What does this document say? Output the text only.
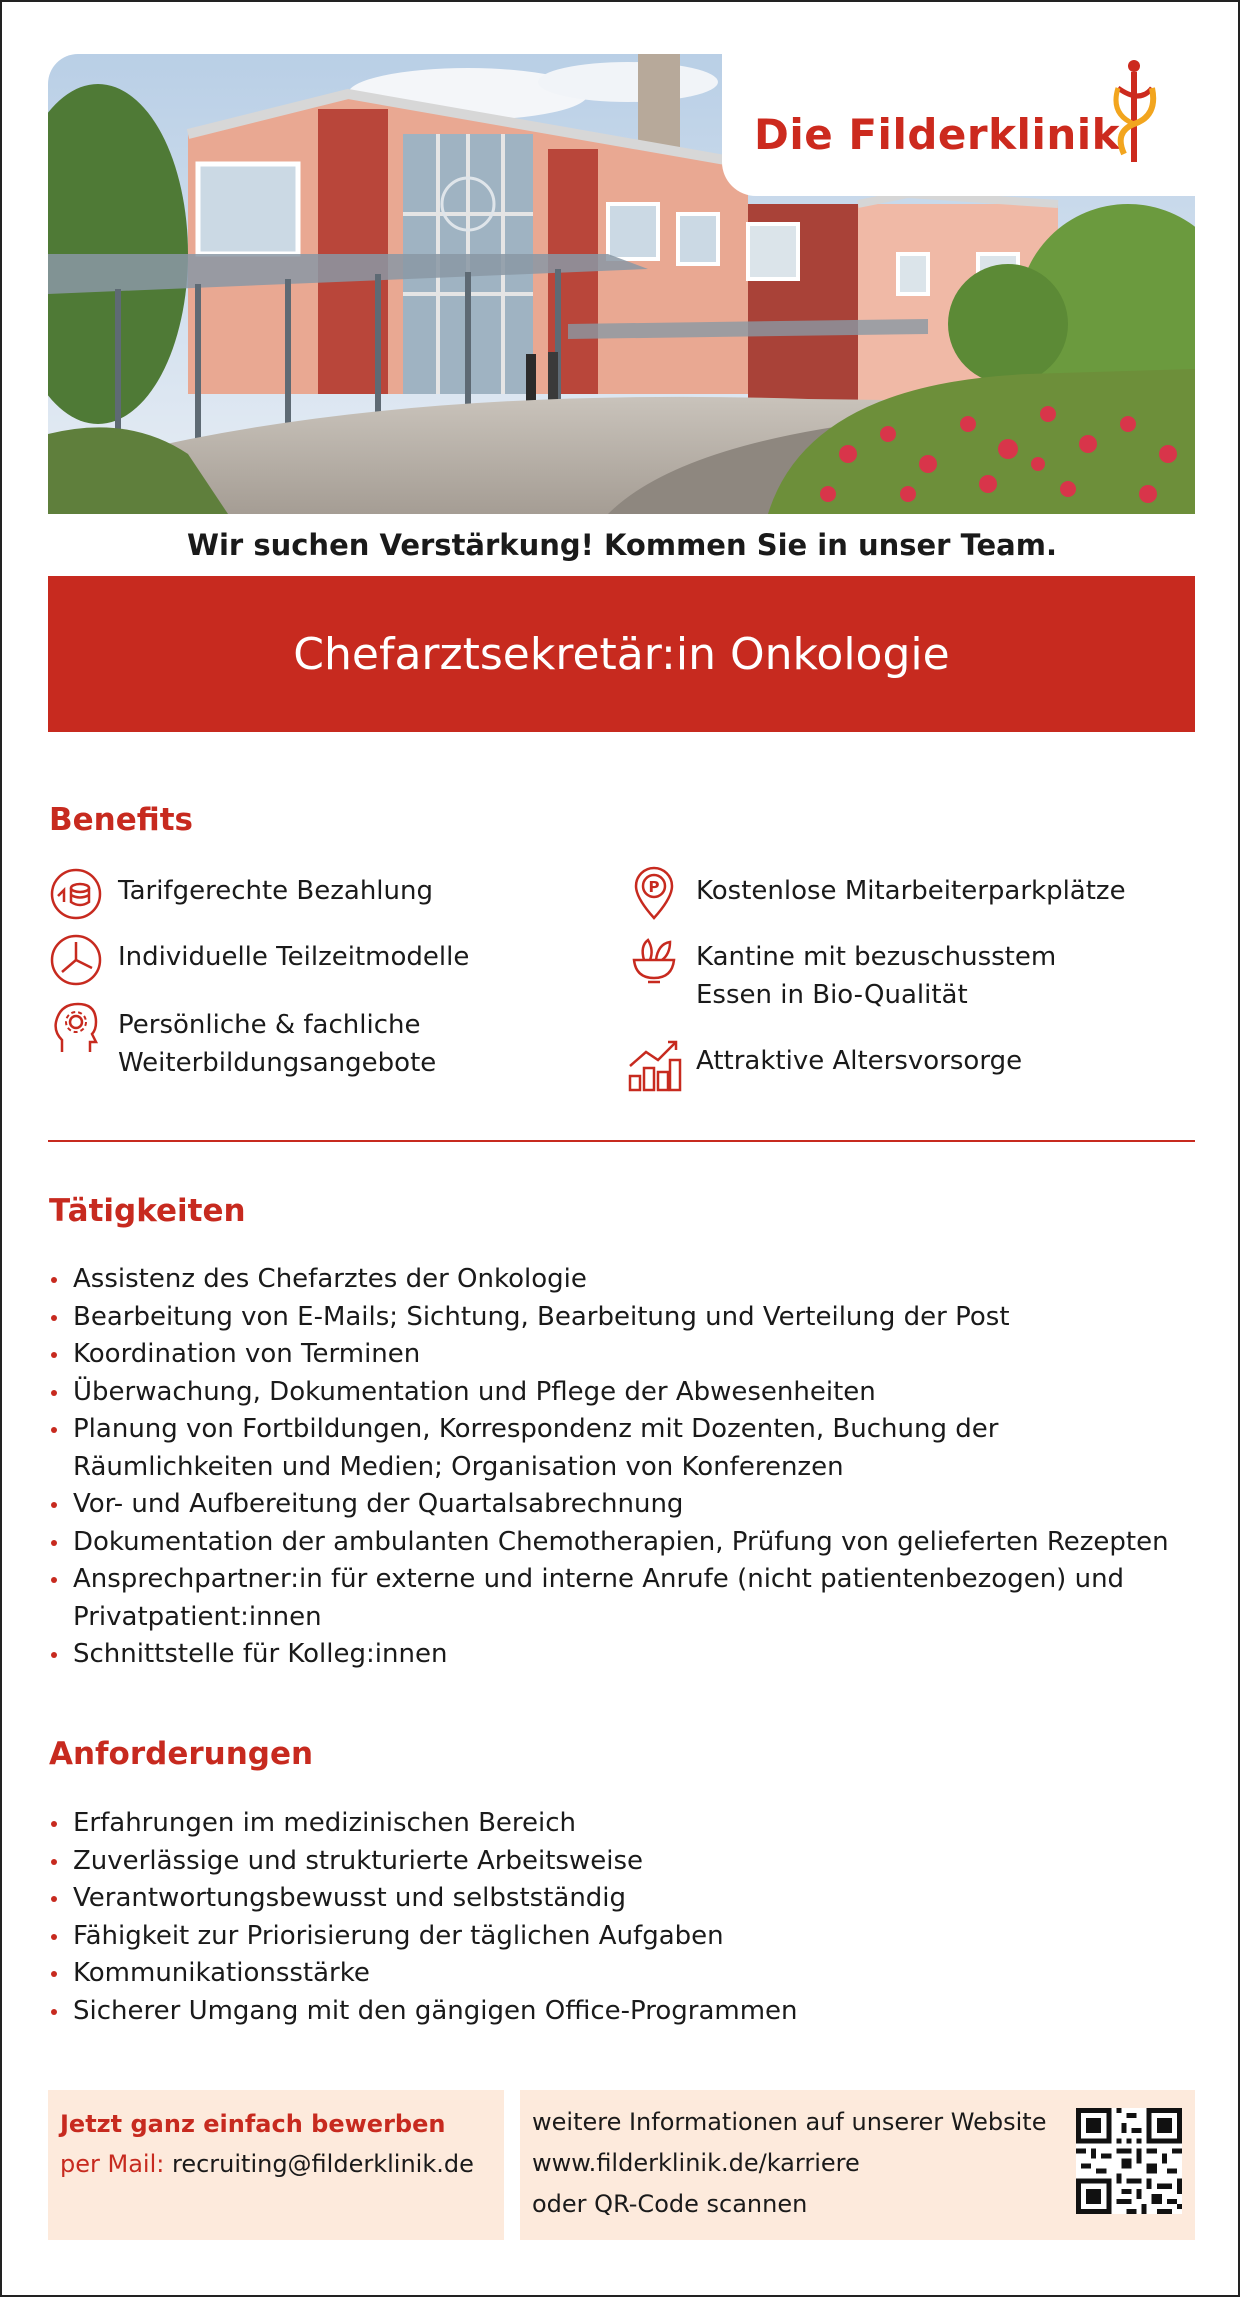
Die Filderklinik
Wir suchen Verstärkung! Kommen Sie in unser Team.
Chefarztsekretär:in Onkologie
Benefits
Tarifgerechte Bezahlung
Individuelle Teilzeitmodelle
Persönliche & fachliche
Weiterbildungsangebote
P Kostenlose Mitarbeiterparkplätze
Kantine mit bezuschusstem
Essen in Bio-Qualität
Attraktive Altersvorsorge
Tätigkeiten
Assistenz des Chefarztes der Onkologie
Bearbeitung von E-Mails; Sichtung, Bearbeitung und Verteilung der Post
Koordination von Terminen
Überwachung, Dokumentation und Pflege der Abwesenheiten
Planung von Fortbildungen, Korrespondenz mit Dozenten, Buchung der Räumlichkeiten und Medien; Organisation von Konferenzen
Vor- und Aufbereitung der Quartalsabrechnung
Dokumentation der ambulanten Chemotherapien, Prüfung von gelieferten Rezepten
Ansprechpartner:in für externe und interne Anrufe (nicht patientenbezogen) und Privatpatient:innen
Schnittstelle für Kolleg:innen
Anforderungen
Erfahrungen im medizinischen Bereich
Zuverlässige und strukturierte Arbeitsweise
Verantwortungsbewusst und selbstständig
Fähigkeit zur Priorisierung der täglichen Aufgaben
Kommunikationsstärke
Sicherer Umgang mit den gängigen Office-Programmen
Jetzt ganz einfach bewerben
per Mail: recruiting@filderklinik.de
weitere Informationen auf unserer Website
www.filderklinik.de/karriere
oder QR-Code scannen
